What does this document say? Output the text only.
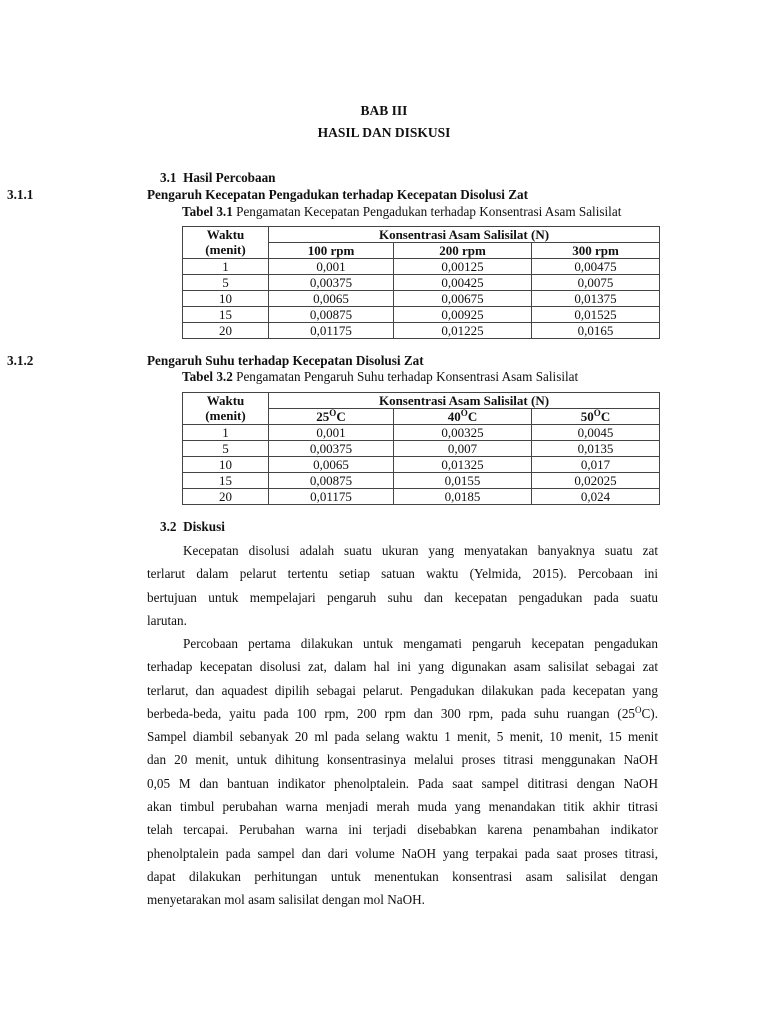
BAB III
HASIL DAN DISKUSI
3.1 Hasil Percobaan
3.1.1	Pengaruh Kecepatan Pengadukan terhadap Kecepatan Disolusi Zat
Tabel 3.1 Pengamatan Kecepatan Pengadukan terhadap Konsentrasi Asam Salisilat
Waktu	Konsentrasi Asam Salisilat (N)		
(menit)	100 rpm	200 rpm	300 rpm
1	0,001	0,00125	0,00475
5	0,00375	0,00425	0,0075
10	0,0065	0,00675	0,01375
15	0,00875	0,00925	0,01525
20	0,01175	0,01225	0,0165
3.1.2	Pengaruh Suhu terhadap Kecepatan Disolusi Zat
Tabel 3.2 Pengamatan Pengaruh Suhu terhadap Konsentrasi Asam Salisilat
Waktu	Konsentrasi Asam Salisilat (N)		
(menit)	$25^OC$	$40^OC$	$50^OC$
1	0,001	0,00325	0,0045
5	0,00375	0,007	0,0135
10	0,0065	0,01325	0,017
15	0,00875	0,0155	0,02025
20	0,01175	0,0185	0,024
3.2 Diskusi
Kecepatan disolusi adalah suatu ukuran yang menyatakan banyaknya suatu zat
terlarut dalam pelarut tertentu setiap satuan waktu (Yelmida, 2015). Percobaan ini
bertujuan untuk mempelajari pengaruh suhu dan kecepatan pengadukan pada suatu
larutan.
Percobaan pertama dilakukan untuk mengamati pengaruh kecepatan pengadukan
terhadap kecepatan disolusi zat, dalam hal ini yang digunakan asam salisilat sebagai zat
terlarut, dan aquadest dipilih sebagai pelarut. Pengadukan dilakukan pada kecepatan yang
berbeda-beda, yaitu pada 100 rpm, 200 rpm dan 300 rpm, pada suhu ruangan $(25^OC)$.
Sampel diambil sebanyak 20 ml pada selang waktu 1 menit, 5 menit, 10 menit, 15 menit
dan 20 menit, untuk dihitung konsentrasinya melalui proses titrasi menggunakan NaOH
0,05 M dan bantuan indikator phenolptalein. Pada saat sampel dititrasi dengan NaOH
akan timbul perubahan warna menjadi merah muda yang menandakan titik akhir titrasi
telah tercapai. Perubahan warna ini terjadi disebabkan karena penambahan indikator
phenolptalein pada sampel dan dari volume NaOH yang terpakai pada saat proses titrasi,
dapat dilakukan perhitungan untuk menentukan konsentrasi asam salisilat dengan
menyetarakan mol asam salisilat dengan mol NaOH.
